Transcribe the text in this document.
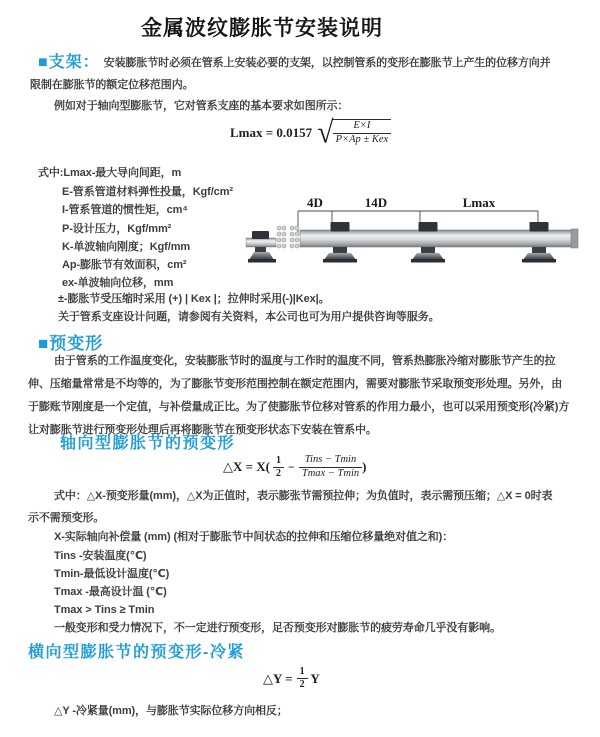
金属波纹膨胀节安装说明
■支架： 安装膨胀节时必须在管系上安装必要的支架，以控制管系的变形在膨胀节上产生的位移方向并
限制在膨胀节的额定位移范围内。
例如对于轴向型膨胀节，它对管系支座的基本要求如图所示：
Lmax = 0.0157 √ $\frac{E\times I}{\text{P×Ap ± Kex}}$
式中:Lmax-最大导向间距，m
E-管系管道材料弹性投量，Kgf/cm²
I-管系管道的惯性矩，cm⁴
P-设计压力，Kgf/mm²
K-单波轴向刚度；Kgf/mm
Ap-膨胀节有效面积，cm²
ex-单波轴向位移，mm
±-膨胀节受压缩时采用 (+) | Kex |；拉伸时采用(-)|Kex|。
关于管系支座设计问题，请参阅有关资料，本公司也可为用户提供咨询等服务。
4D	14D	Lmax
■预变形
由于管系的工作温度变化，安装膨胀节时的温度与工作时的温度不同，管系热膨胀冷缩对膨胀节产生的拉
伸、压缩量常常是不均等的，为了膨胀节变形范围控制在额定范围内，需要对膨胀节采取预变形处理。另外，由
于膨账节刚度是一个定值，与补偿量成正比。为了使膨胀节位移对管系的作用力最小，也可以采用预变形(冷紧)方
让对膨胀节进行预变形处理后再将膨胀节在预变形状态下安装在管系中。
轴向型膨胀节的预变形
△X = $X( \frac{1}{2} - \frac{\text{Tins − Tmin}}{Tmax - Tmin}$ )
式中：△X-预变形量(mm)，△X为正值时，表示膨张节需预拉伸；为负值时，表示需预压缩；△X = 0时表
示不需预变形。
X-实际轴向补偿量 (mm) (相对于膨胀节中间状态的拉伸和压缩位移量绝对值之和)：
Tins -安装温度(℃)
Tmin-最低设计温度(℃)
Tmax -最高设计温 (℃)
Tmax > Tins ≥ Tmin
一般变形和受力情况下，不一定进行预变形，足否预变形对膨胀节的疲劳寿命几乎没有影响。
横向型膨胀节的预变形-冷紧
△Y = $\frac{1}{2}$ Y
△Y -冷紧量(mm)，与膨胀节实际位移方向相反；
